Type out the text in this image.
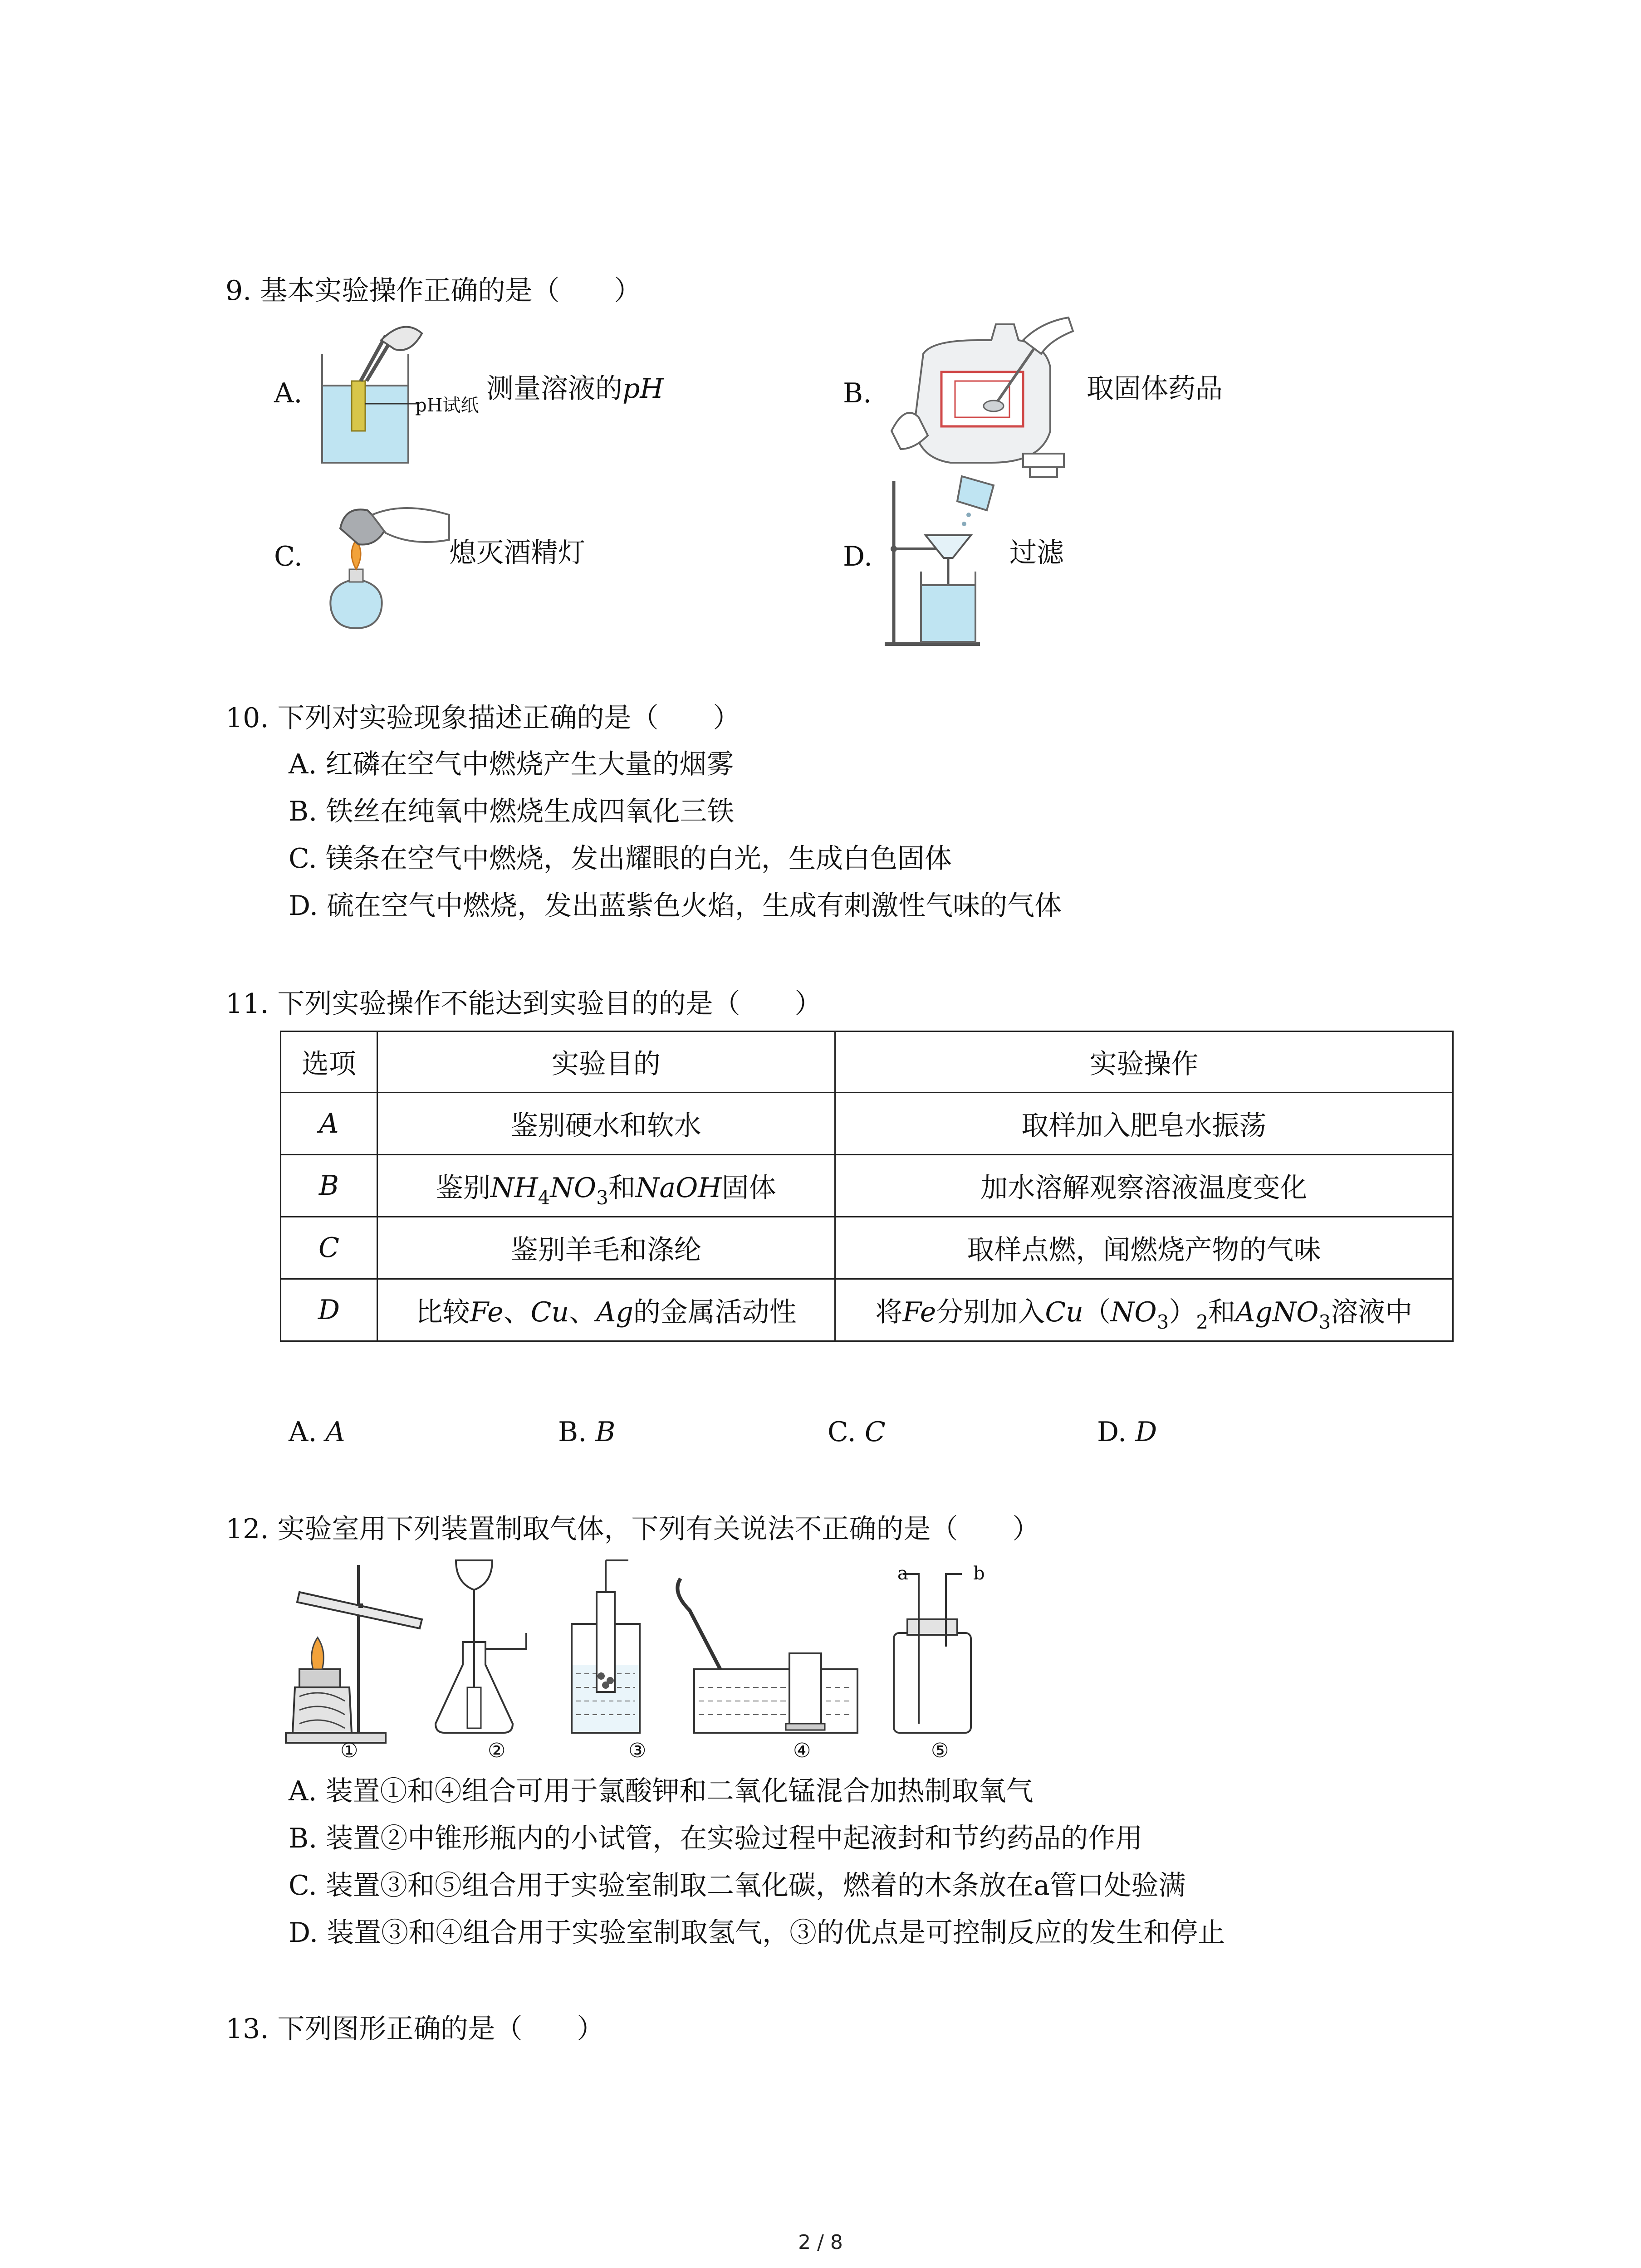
9. 基本实验操作正确的是（　　）
A.	pH试纸
测量溶液的pH	B.	取固体药品
C.	熄灭酒精灯	D.	过滤
10. 下列对实验现象描述正确的是（　　）
A. 红磷在空气中燃烧产生大量的烟雾
B. 铁丝在纯氧中燃烧生成四氧化三铁
C. 镁条在空气中燃烧，发出耀眼的白光，生成白色固体
D. 硫在空气中燃烧，发出蓝紫色火焰，生成有刺激性气味的气体
11. 下列实验操作不能达到实验目的的是（　　）
选项	实验目的	实验操作
A	鉴别硬水和软水	取样加入肥皂水振荡
B	鉴别$NH_4NO_3$和NaOH固体	加水溶解观察溶液温度变化
C	鉴别羊毛和涤纶	取样点燃，闻燃烧产物的气味
D	比较Fe、Cu、Ag的金属活动性	将Fe分别加入$Cu(NO_3)_2$和AgNO$_3$溶液中
A. A	B. B	C. C	D. D
12. 实验室用下列装置制取气体，下列有关说法不正确的是（　　）
a	b
①	②	③	④	⑤
A. 装置①和④组合可用于氯酸钾和二氧化锰混合加热制取氧气
B. 装置②中锥形瓶内的小试管，在实验过程中起液封和节约药品的作用
C. 装置③和⑤组合用于实验室制取二氧化碳，燃着的木条放在a管口处验满
D. 装置③和④组合用于实验室制取氢气，③的优点是可控制反应的发生和停止
13. 下列图形正确的是（　　）
2 / 8
